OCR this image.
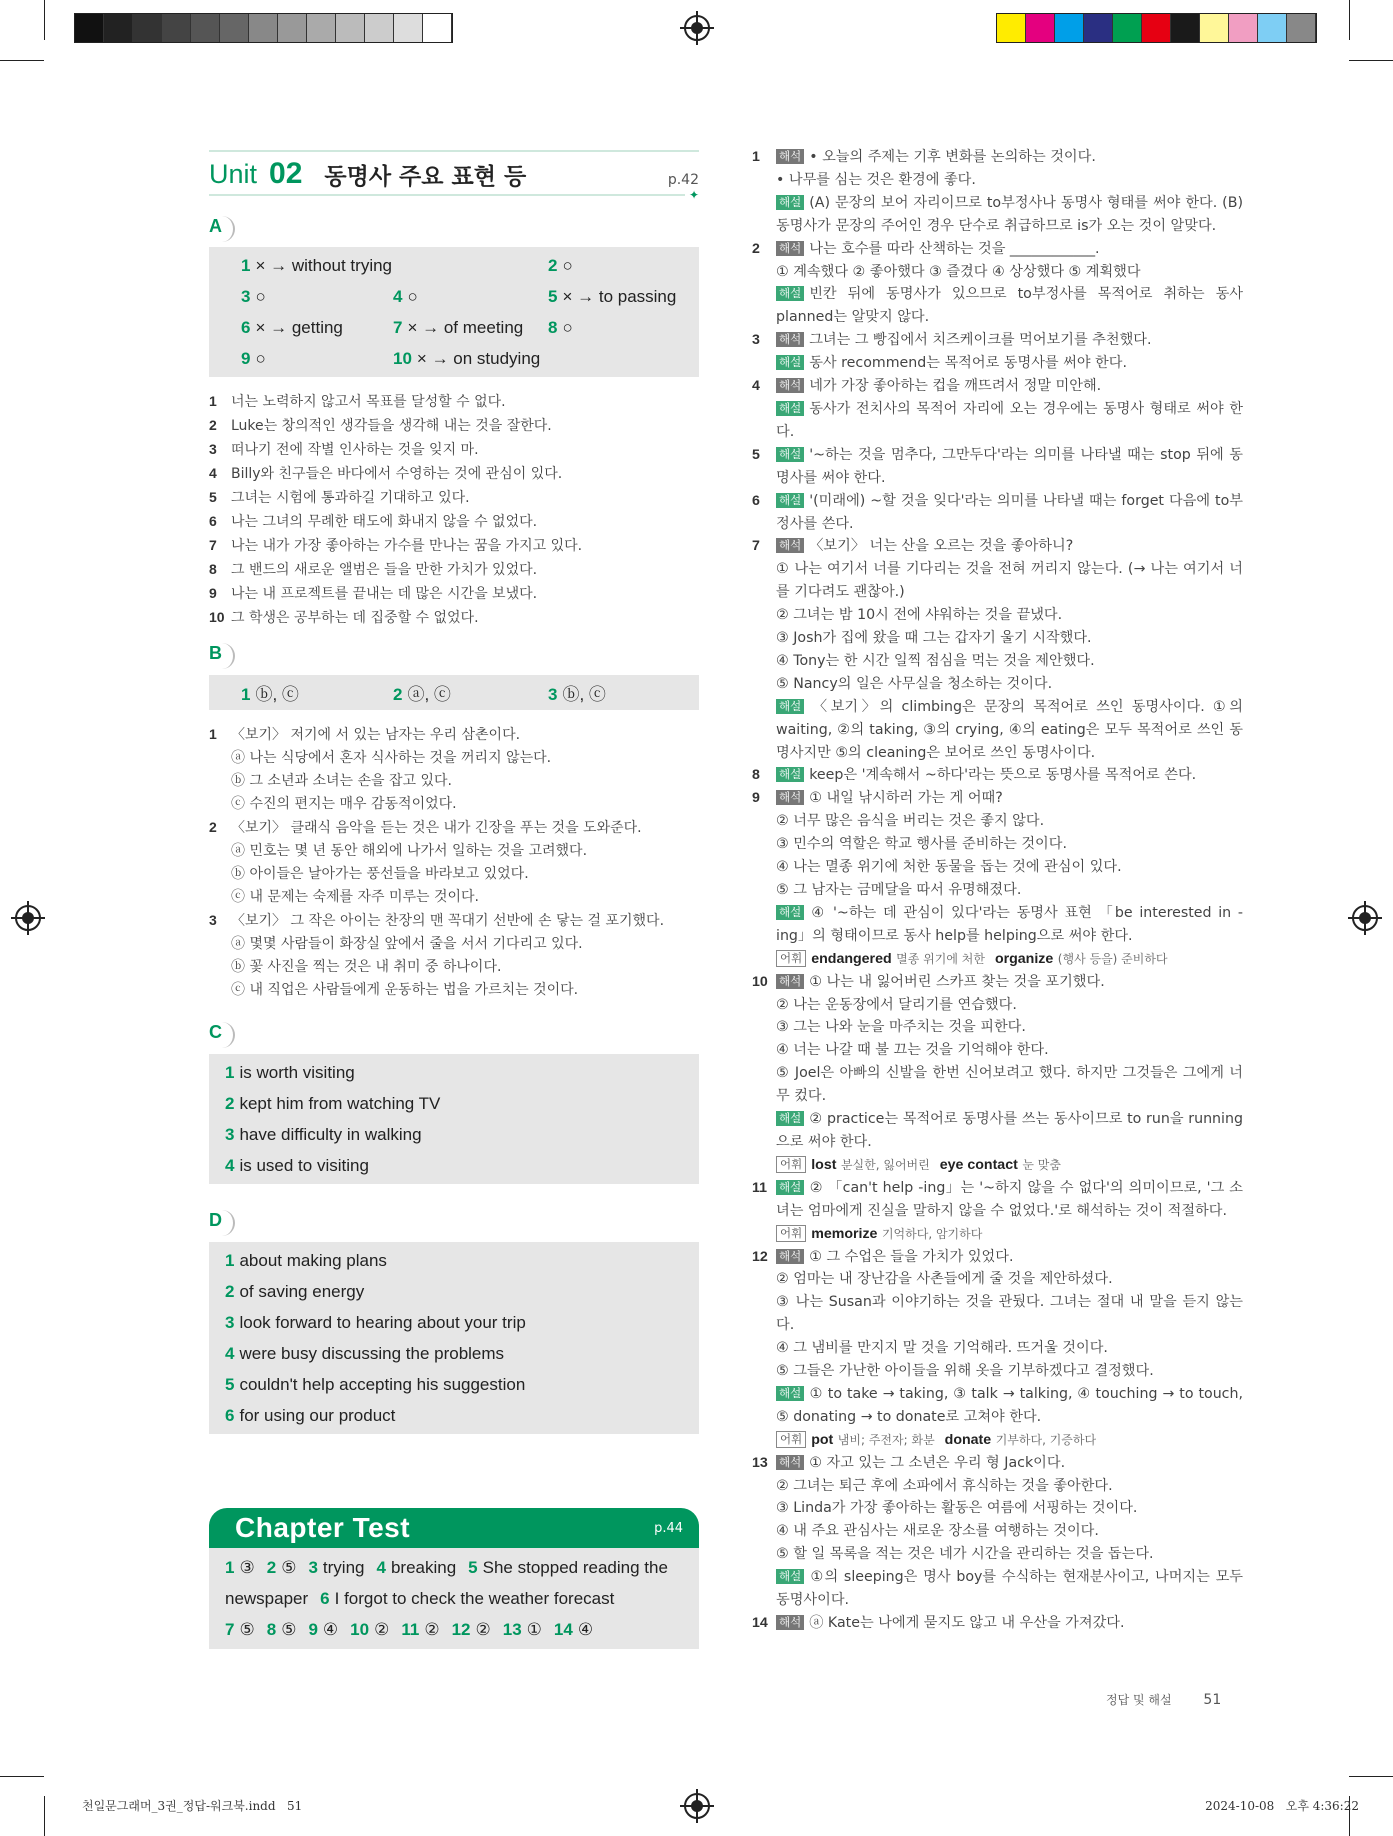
Unit 02 동명사 주요 표현 등	p.42
✦
A
1 × → without trying	2 ○
3 ○	4 ○	5 × → to passing
6 × → getting	7 × → of meeting 8 ○
9 ○	10 × → on studying
1 너는 노력하지 않고서 목표를 달성할 수 없다.
2 Luke는 창의적인 생각들을 생각해 내는 것을 잘한다.
3 떠나기 전에 작별 인사하는 것을 잊지 마.
4 Billy와 친구들은 바다에서 수영하는 것에 관심이 있다.
5 그녀는 시험에 통과하길 기대하고 있다.
6 나는 그녀의 무례한 태도에 화내지 않을 수 없었다.
7 나는 내가 가장 좋아하는 가수를 만나는 꿈을 가지고 있다.
8 그 밴드의 새로운 앨범은 들을 만한 가치가 있었다.
9 나는 내 프로젝트를 끝내는 데 많은 시간을 보냈다.
10 그 학생은 공부하는 데 집중할 수 없었다.
B
1 ⓑ, ⓒ	2 ⓐ, ⓒ	3 ⓑ, ⓒ
1 〈보기〉 저기에 서 있는 남자는 우리 삼촌이다.
ⓐ 나는 식당에서 혼자 식사하는 것을 꺼리지 않는다.
ⓑ 그 소년과 소녀는 손을 잡고 있다.
ⓒ 수진의 편지는 매우 감동적이었다.
2 〈보기〉 클래식 음악을 듣는 것은 내가 긴장을 푸는 것을 도와준다.
ⓐ 민호는 몇 년 동안 해외에 나가서 일하는 것을 고려했다.
ⓑ 아이들은 날아가는 풍선들을 바라보고 있었다.
ⓒ 내 문제는 숙제를 자주 미루는 것이다.
3 〈보기〉 그 작은 아이는 찬장의 맨 꼭대기 선반에 손 닿는 걸 포기했다.
ⓐ 몇몇 사람들이 화장실 앞에서 줄을 서서 기다리고 있다.
ⓑ 꽃 사진을 찍는 것은 내 취미 중 하나이다.
ⓒ 내 직업은 사람들에게 운동하는 법을 가르치는 것이다.
C
1 is worth visiting
2 kept him from watching TV
3 have difficulty in walking
4 is used to visiting
D
1 about making plans
2 of saving energy
3 look forward to hearing about your trip
4 were busy discussing the problems
5 couldn't help accepting his suggestion
6 for using our product
Chapter Test	p.44
1 ③ 2 ⑤ 3 trying 4 breaking 5 She stopped reading the newspaper 6 I forgot to check the weather forecast
7 ⑤ 8 ⑤ 9 ④ 10 ② 11 ② 12 ② 13 ① 14 ④
1	해석 • 오늘의 주제는 기후 변화를 논의하는 것이다.
• 나무를 심는 것은 환경에 좋다.
해설 (A) 문장의 보어 자리이므로 to부정사나 동명사 형태를 써야 한다. (B) 동명사가 문장의 주어인 경우 단수로 취급하므로 is가 오는 것이 알맞다.
2	해석 나는 호수를 따라 산책하는 것을 ____________.
① 계속했다 ② 좋아했다 ③ 즐겼다 ④ 상상했다 ⑤ 계획했다
해설 빈칸 뒤에 동명사가 있으므로 to부정사를 목적어로 취하는 동사 planned는 알맞지 않다.
3	해석 그녀는 그 빵집에서 치즈케이크를 먹어보기를 추천했다.
해설 동사 recommend는 목적어로 동명사를 써야 한다.
4	해석 네가 가장 좋아하는 컵을 깨뜨려서 정말 미안해.
해설 동사가 전치사의 목적어 자리에 오는 경우에는 동명사 형태로 써야 한다.
5	해설 '~하는 것을 멈추다, 그만두다'라는 의미를 나타낼 때는 stop 뒤에 동명사를 써야 한다.
6	해설 '(미래에) ~할 것을 잊다'라는 의미를 나타낼 때는 forget 다음에 to부정사를 쓴다.
7	해석 〈보기〉 너는 산을 오르는 것을 좋아하니?
① 나는 여기서 너를 기다리는 것을 전혀 꺼리지 않는다. (→ 나는 여기서 너를 기다려도 괜찮아.)
② 그녀는 밤 10시 전에 샤워하는 것을 끝냈다.
③ Josh가 집에 왔을 때 그는 갑자기 울기 시작했다.
④ Tony는 한 시간 일찍 점심을 먹는 것을 제안했다.
⑤ Nancy의 일은 사무실을 청소하는 것이다.
해설 〈보기〉의 climbing은 문장의 목적어로 쓰인 동명사이다. ①의 waiting, ②의 taking, ③의 crying, ④의 eating은 모두 목적어로 쓰인 동명사지만 ⑤의 cleaning은 보어로 쓰인 동명사이다.
8	해설 keep은 '계속해서 ~하다'라는 뜻으로 동명사를 목적어로 쓴다.
9	해석 ① 내일 낚시하러 가는 게 어때?
② 너무 많은 음식을 버리는 것은 좋지 않다.
③ 민수의 역할은 학교 행사를 준비하는 것이다.
④ 나는 멸종 위기에 처한 동물을 돕는 것에 관심이 있다.
⑤ 그 남자는 금메달을 따서 유명해졌다.
해설 ④ '~하는 데 관심이 있다'라는 동명사 표현 「be interested in -ing」의 형태이므로 동사 help를 helping으로 써야 한다.
어휘 endangered 멸종 위기에 처한 organize (행사 등을) 준비하다
10 해석 ① 나는 내 잃어버린 스카프 찾는 것을 포기했다.
② 나는 운동장에서 달리기를 연습했다.
③ 그는 나와 눈을 마주치는 것을 피한다.
④ 너는 나갈 때 불 끄는 것을 기억해야 한다.
⑤ Joel은 아빠의 신발을 한번 신어보려고 했다. 하지만 그것들은 그에게 너무 컸다.
해설 ② practice는 목적어로 동명사를 쓰는 동사이므로 to run을 running으로 써야 한다.
어휘 lost 분실한, 잃어버린 eye contact 눈 맞춤
11	해설 ② 「can't help -ing」는 '~하지 않을 수 없다'의 의미이므로, '그 소녀는 엄마에게 진실을 말하지 않을 수 없었다.'로 해석하는 것이 적절하다.
어휘 memorize 기억하다, 암기하다
12 해석 ① 그 수업은 들을 가치가 있었다.
② 엄마는 내 장난감을 사촌들에게 줄 것을 제안하셨다.
③ 나는 Susan과 이야기하는 것을 관뒀다. 그녀는 절대 내 말을 듣지 않는다.
④ 그 냄비를 만지지 말 것을 기억해라. 뜨거울 것이다.
⑤ 그들은 가난한 아이들을 위해 옷을 기부하겠다고 결정했다.
해설 ① to take → taking, ③ talk → talking, ④ touching → to touch, ⑤ donating → to donate로 고쳐야 한다.
어휘 pot 냄비; 주전자; 화분 donate 기부하다, 기증하다
13 해석 ① 자고 있는 그 소년은 우리 형 Jack이다.
② 그녀는 퇴근 후에 소파에서 휴식하는 것을 좋아한다.
③ Linda가 가장 좋아하는 활동은 여름에 서핑하는 것이다.
④ 내 주요 관심사는 새로운 장소를 여행하는 것이다.
⑤ 할 일 목록을 적는 것은 네가 시간을 관리하는 것을 돕는다.
해설 ①의 sleeping은 명사 boy를 수식하는 현재분사이고, 나머지는 모두 동명사이다.
14 해석 ⓐ Kate는 나에게 묻지도 않고 내 우산을 가져갔다.
정답 및 해설 51
천일문그래머_3권_정답-워크북.indd   51	2024-10-08   오후 4:36:22
